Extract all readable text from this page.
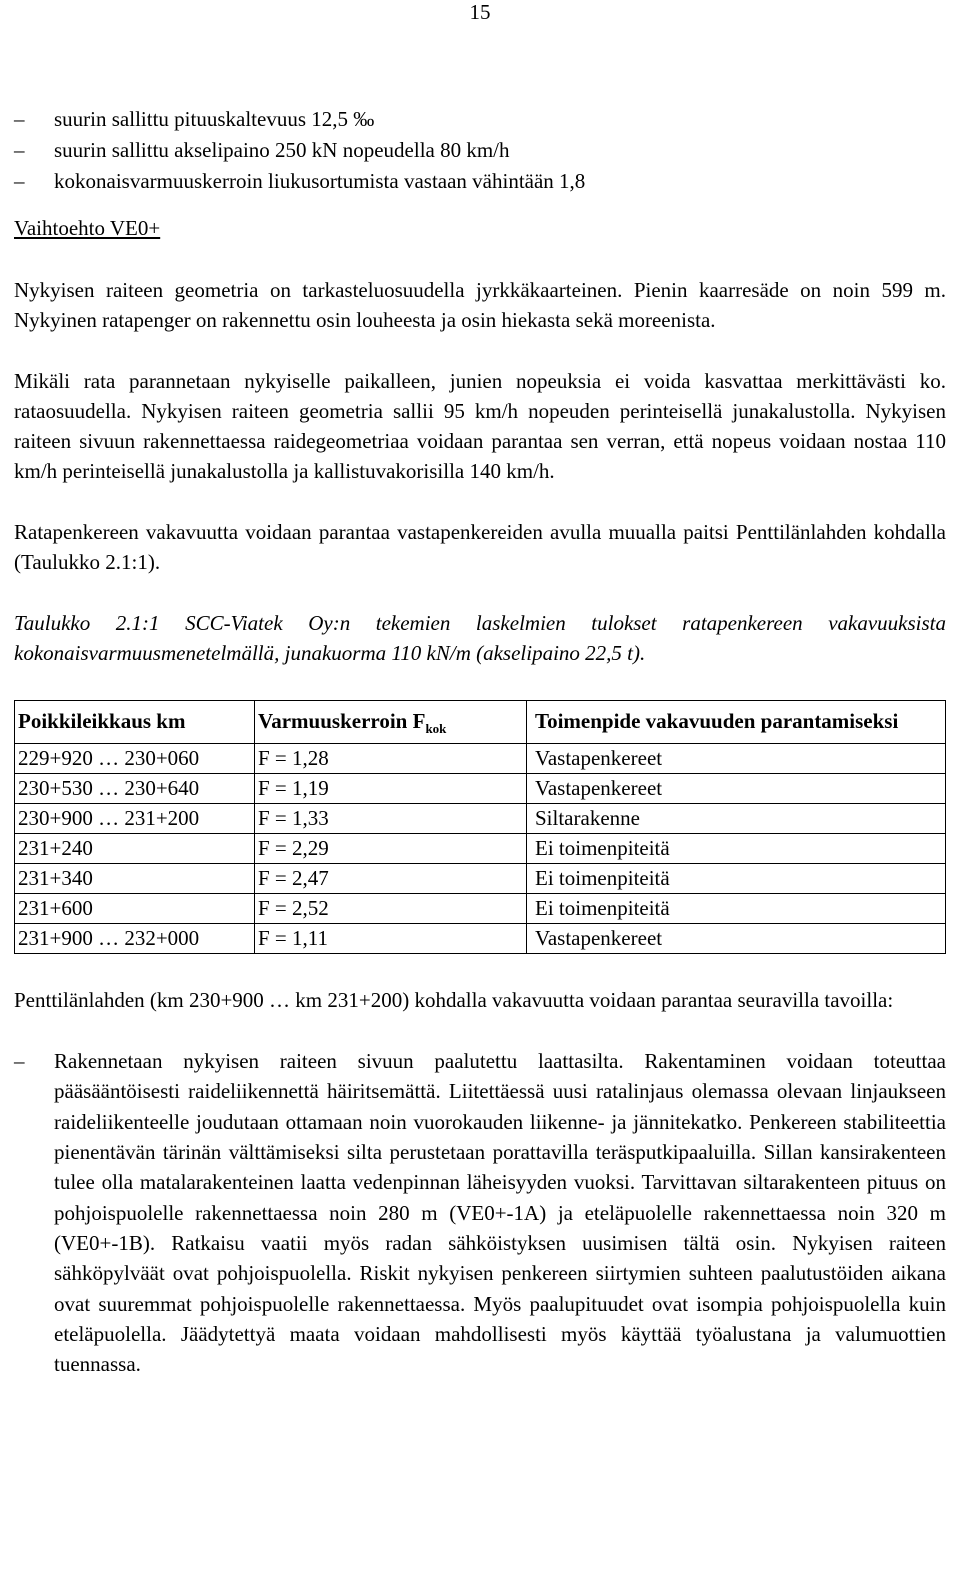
15
– suurin sallittu pituuskaltevuus 12,5 ‰
– suurin sallittu akselipaino 250 kN nopeudella 80 km/h
– kokonaisvarmuuskerroin liukusortumista vastaan vähintään 1,8
Vaihtoehto VE0+

Nykyisen raiteen geometria on tarkasteluosuudella jyrkkäkaarteinen. Pienin kaarresäde on noin 599 m. Nykyinen ratapenger on rakennettu osin louheesta ja osin hiekasta sekä moreenista.

Mikäli rata parannetaan nykyiselle paikalleen, junien nopeuksia ei voida kasvattaa merkittävästi ko. rataosuudella. Nykyisen raiteen geometria sallii 95 km/h nopeuden perinteisellä junakalustolla. Nykyisen raiteen sivuun rakennettaessa raidegeometriaa voidaan parantaa sen verran, että nopeus voidaan nostaa 110 km/h perinteisellä junakalustolla ja kallistuvakorisilla 140 km/h.

Ratapenkereen vakavuutta voidaan parantaa vastapenkereiden avulla muualla paitsi Penttilänlahden kohdalla (Taulukko 2.1:1).

Taulukko 2.1:1 SCC-Viatek Oy:n tekemien laskelmien tulokset ratapenkereen vakavuuksista kokonaisvarmuusmenetelmällä, junakuorma 110 kN/m (akselipaino 22,5 t).
Poikkileikkaus km	Varmuuskerroin $F_{kok}$	Toimenpide vakavuuden parantamiseksi
229+920 … 230+060	F = 1,28	Vastapenkereet
230+530 … 230+640	F = 1,19	Vastapenkereet
230+900 … 231+200	F = 1,33	Siltarakenne
231+240	F = 2,29	Ei toimenpiteitä
231+340	F = 2,47	Ei toimenpiteitä
231+600	F = 2,52	Ei toimenpiteitä
231+900 … 232+000	F = 1,11	Vastapenkereet

Penttilänlahden (km 230+900 … km 231+200) kohdalla vakavuutta voidaan parantaa seuravilla tavoilla:

– Rakennetaan nykyisen raiteen sivuun paalutettu laattasilta. Rakentaminen voidaan toteuttaa pääsääntöisesti raideliikennettä häiritsemättä. Liitettäessä uusi ratalinjaus olemassa olevaan linjaukseen raideliikenteelle joudutaan ottamaan noin vuorokauden liikenne- ja jännitekatko. Penkereen stabiliteettia pienentävän tärinän välttämiseksi silta perustetaan porattavilla teräsputkipaaluilla. Sillan kansirakenteen tulee olla matalarakenteinen laatta vedenpinnan läheisyyden vuoksi. Tarvittavan siltarakenteen pituus on pohjoispuolelle rakennettaessa noin 280 m (VE0+-1A) ja eteläpuolelle rakennettaessa noin 320 m (VE0+-1B). Ratkaisu vaatii myös radan sähköistyksen uusimisen tältä osin. Nykyisen raiteen sähköpylväät ovat pohjoispuolella. Riskit nykyisen penkereen siirtymien suhteen paalutustöiden aikana ovat suuremmat pohjoispuolelle rakennettaessa. Myös paalupituudet ovat isompia pohjoispuolella kuin eteläpuolella. Jäädytettyä maata voidaan mahdollisesti myös käyttää työalustana ja valumuottien tuennassa.
